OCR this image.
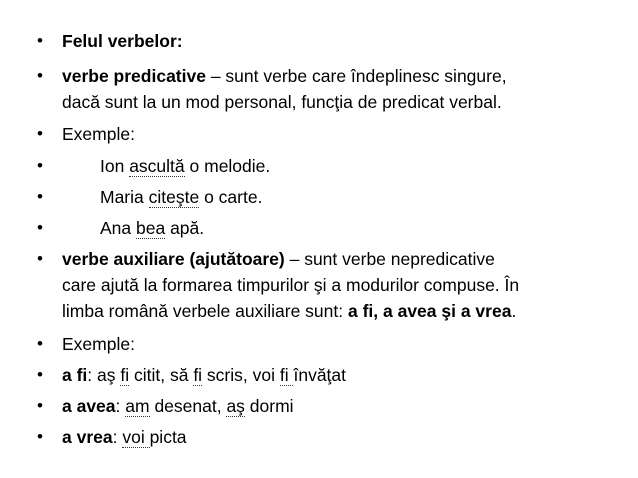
• Felul verbelor:
• verbe predicative – sunt verbe care îndeplinesc singure,
dacă sunt la un mod personal, funcţia de predicat verbal.
• Exemple:
•	Ion ascultă o melodie.
•	Maria citeşte o carte.
•	Ana bea apă.
• verbe auxiliare (ajutătoare) – sunt verbe nepredicative
care ajută la formarea timpurilor şi a modurilor compuse. În
limba română verbele auxiliare sunt: a fi, a avea şi a vrea.
• Exemple:
• a fi: aş fi citit, să fi scris, voi fi învăţat
• a avea: am desenat, aş dormi
• a vrea: voi picta
